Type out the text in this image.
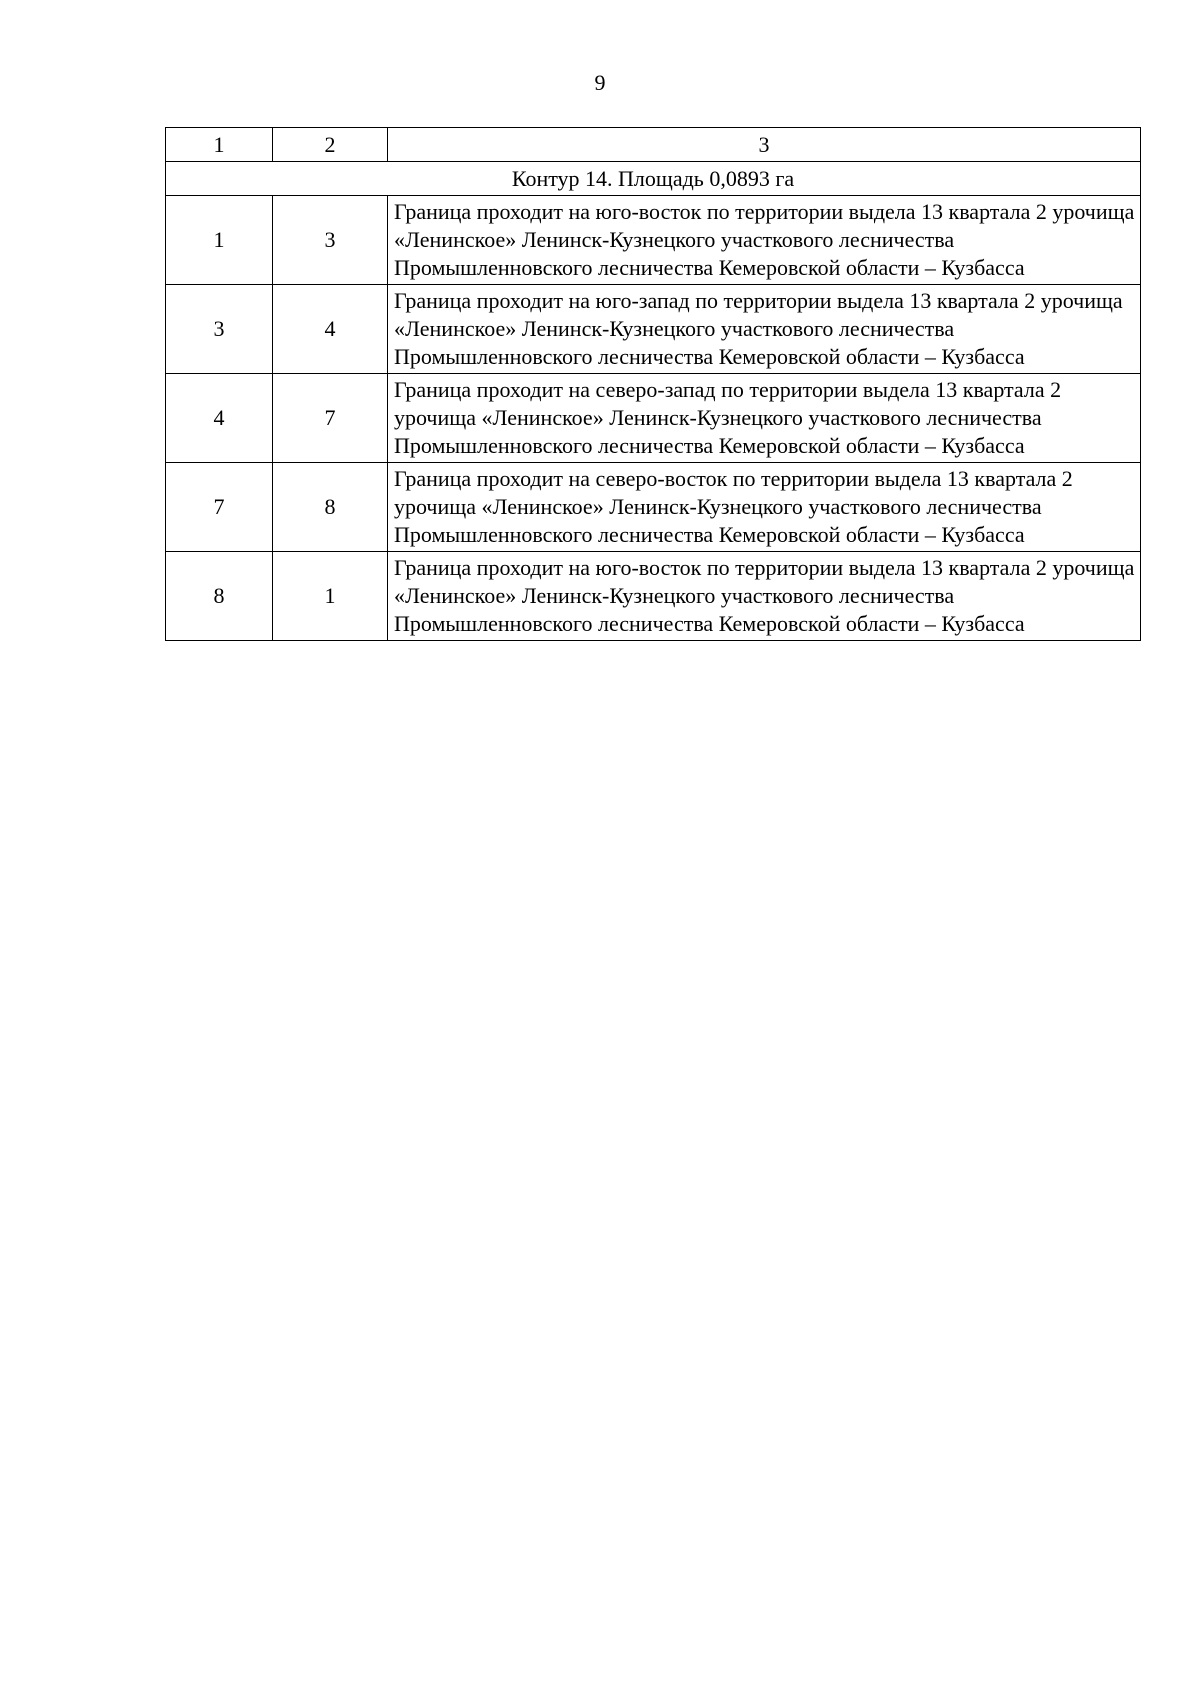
9
1	2	3
Контур 14. Площадь 0,0893 га		
1	3	Граница проходит на юго-восток по территории выдела 13 квартала 2 урочища «Ленинское» Ленинск-Кузнецкого участкового лесничества Промышленновского лесничества Кемеровской области – Кузбасса
3	4	Граница проходит на юго-запад по территории выдела 13 квартала 2 урочища «Ленинское» Ленинск-Кузнецкого участкового лесничества Промышленновского лесничества Кемеровской области – Кузбасса
4	7	Граница проходит на северо-запад по территории выдела 13 квартала 2 урочища «Ленинское» Ленинск-Кузнецкого участкового лесничества Промышленновского лесничества Кемеровской области – Кузбасса
7	8	Граница проходит на северо-восток по территории выдела 13 квартала 2 урочища «Ленинское» Ленинск-Кузнецкого участкового лесничества Промышленновского лесничества Кемеровской области – Кузбасса
8	1	Граница проходит на юго-восток по территории выдела 13 квартала 2 урочища «Ленинское» Ленинск-Кузнецкого участкового лесничества Промышленновского лесничества Кемеровской области – Кузбасса
